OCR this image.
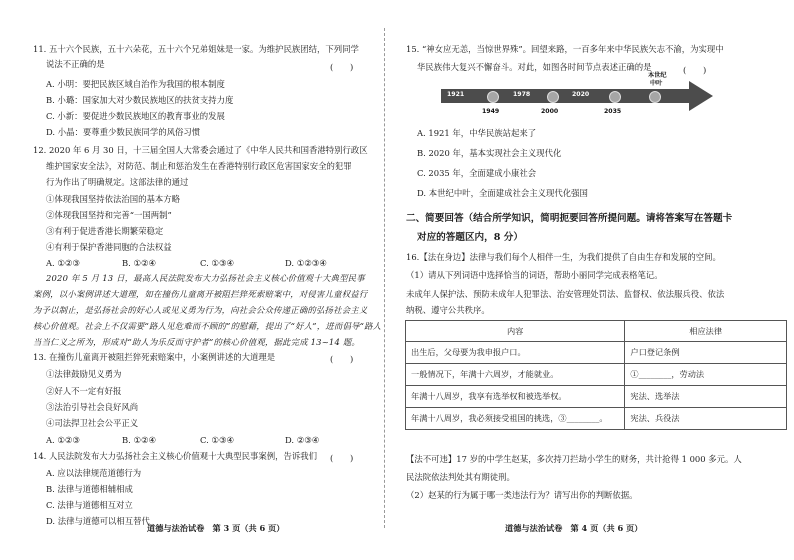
11. 五十六个民族，五十六朵花，五十六个兄弟姐妹是一家。为维护民族团结，下列同学
说法不正确的是	(　　)
A. 小明：要把民族区域自治作为我国的根本制度
B. 小璐：国家加大对少数民族地区的扶贫支持力度
C. 小新：要促进少数民族地区的教育事业的发展
D. 小晶：要尊重少数民族同学的风俗习惯
12. 2020 年 6 月 30 日，十三届全国人大常委会通过了《中华人民共和国香港特别行政区
维护国家安全法》，对防范、制止和惩治发生在香港特别行政区危害国家安全的犯罪
行为作出了明确规定。这部法律的通过
①体现我国坚持依法治国的基本方略
②体现我国坚持和完善“一国两制”
③有利于促进香港长期繁荣稳定
④有利于保护香港同胞的合法权益
A. ①②③	B. ①②④	C. ①③④	D. ①②③④
2020 年 5 月 13 日，最高人民法院发布大力弘扬社会主义核心价值观十大典型民事
案例，以小案例讲述大道理，如在撞伤儿童离开被阻拦猝死索赔案中，对侵害儿童权益行
为予以制止，是弘扬社会的好心人或见义勇为行为，向社会公众传递正确的弘扬社会主义
核心价值观。社会上不仅需要“路人见危难而不顾的”的慰藉，提出了“好人”，进而倡导“路人
当当仁义之所为，形成对“助人为乐反而守护者”的核心价值观，据此完成 13~14 题。
13. 在撞伤儿童离开被阻拦猝死索赔案中，小案例讲述的大道理是	(　　)
①法律鼓励见义勇为
②好人不一定有好报
③法治引导社会良好风尚
④司法捍卫社会公平正义
A. ①②③	B. ①②④	C. ①③④	D. ②③④
14. 人民法院发布大力弘扬社会主义核心价值观十大典型民事案例，告诉我们 (　　)
A. 应以法律规范道德行为
B. 法律与道德相辅相成
C. 法律与道德相互对立
D. 法律与道德可以相互替代
道德与法治试卷　第 3 页（共 6 页）
15. “神女应无恙，当惊世界殊”。回望来路，一百多年来中华民族矢志不渝，为实现中
华民族伟大复兴不懈奋斗。对此，如图各时间节点表述正确的是	(　　)
1921	1978	2020
1949	2000	2035
本世纪
中叶
A. 1921 年，中华民族站起来了
B. 2020 年，基本实现社会主义现代化
C. 2035 年，全面建成小康社会
D. 本世纪中叶，全面建成社会主义现代化强国
二、简要回答（结合所学知识，简明扼要回答所提问题。请将答案写在答题卡
对应的答题区内，8 分）
16.【法在身边】法律与我们每个人相伴一生，为我们提供了自由生存和发展的空间。
（1）请从下列词语中选择恰当的词语，帮助小丽同学完成表格笔记。
未成年人保护法、预防未成年人犯罪法、治安管理处罚法、监督权、依法服兵役、依法
纳税、遵守公共秩序。
内容	相应法律
出生后，父母要为我申报户口。	户口登记条例
一般情况下，年满十六周岁，才能就业。	①________，劳动法
年满十八周岁，我享有选举权和被选举权。	宪法、选举法
年满十八周岁，我必须接受祖国的挑选，③________。	宪法、兵役法
【法不可违】17 岁的中学生赵某，多次持刀拦劫小学生的财务，共计抢得 1 000 多元。人
民法院依法判处其有期徒刑。
（2）赵某的行为属于哪一类违法行为？请写出你的判断依据。
道德与法治试卷　第 4 页（共 6 页）
